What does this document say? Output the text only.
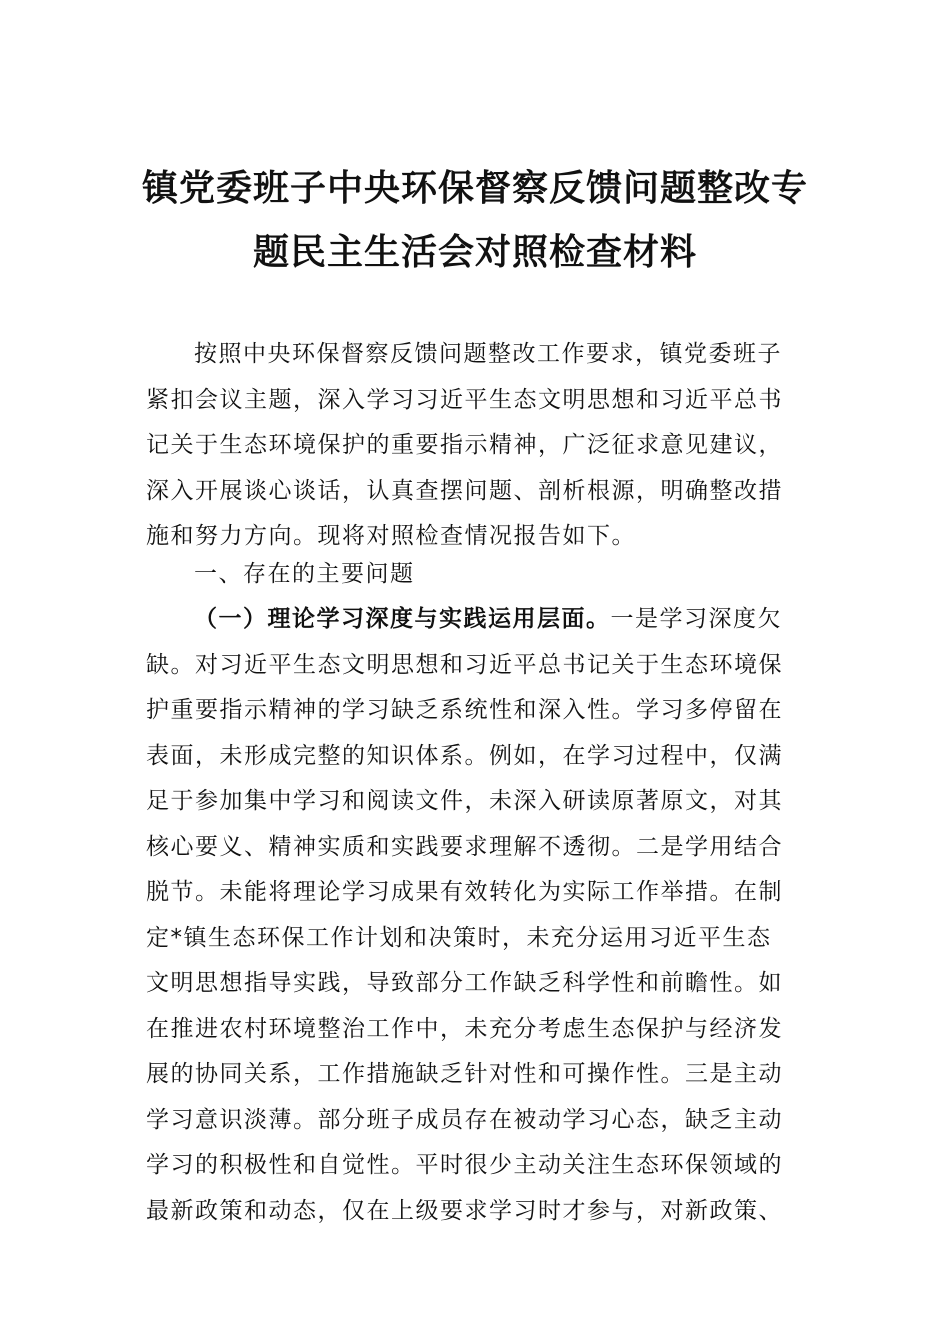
镇党委班子中央环保督察反馈问题整改专
题民主生活会对照检查材料
按照中央环保督察反馈问题整改工作要求，镇党委班子
紧扣会议主题，深入学习习近平生态文明思想和习近平总书
记关于生态环境保护的重要指示精神，广泛征求意见建议，
深入开展谈心谈话，认真查摆问题、剖析根源，明确整改措
施和努力方向。现将对照检查情况报告如下。
一、存在的主要问题
（一）理论学习深度与实践运用层面。一是学习深度欠
缺。对习近平生态文明思想和习近平总书记关于生态环境保
护重要指示精神的学习缺乏系统性和深入性。学习多停留在
表面，未形成完整的知识体系。例如，在学习过程中，仅满
足于参加集中学习和阅读文件，未深入研读原著原文，对其
核心要义、精神实质和实践要求理解不透彻。二是学用结合
脱节。未能将理论学习成果有效转化为实际工作举措。在制
定*镇生态环保工作计划和决策时，未充分运用习近平生态
文明思想指导实践，导致部分工作缺乏科学性和前瞻性。如
在推进农村环境整治工作中，未充分考虑生态保护与经济发
展的协同关系，工作措施缺乏针对性和可操作性。三是主动
学习意识淡薄。部分班子成员存在被动学习心态，缺乏主动
学习的积极性和自觉性。平时很少主动关注生态环保领域的
最新政策和动态，仅在上级要求学习时才参与，对新政策、
